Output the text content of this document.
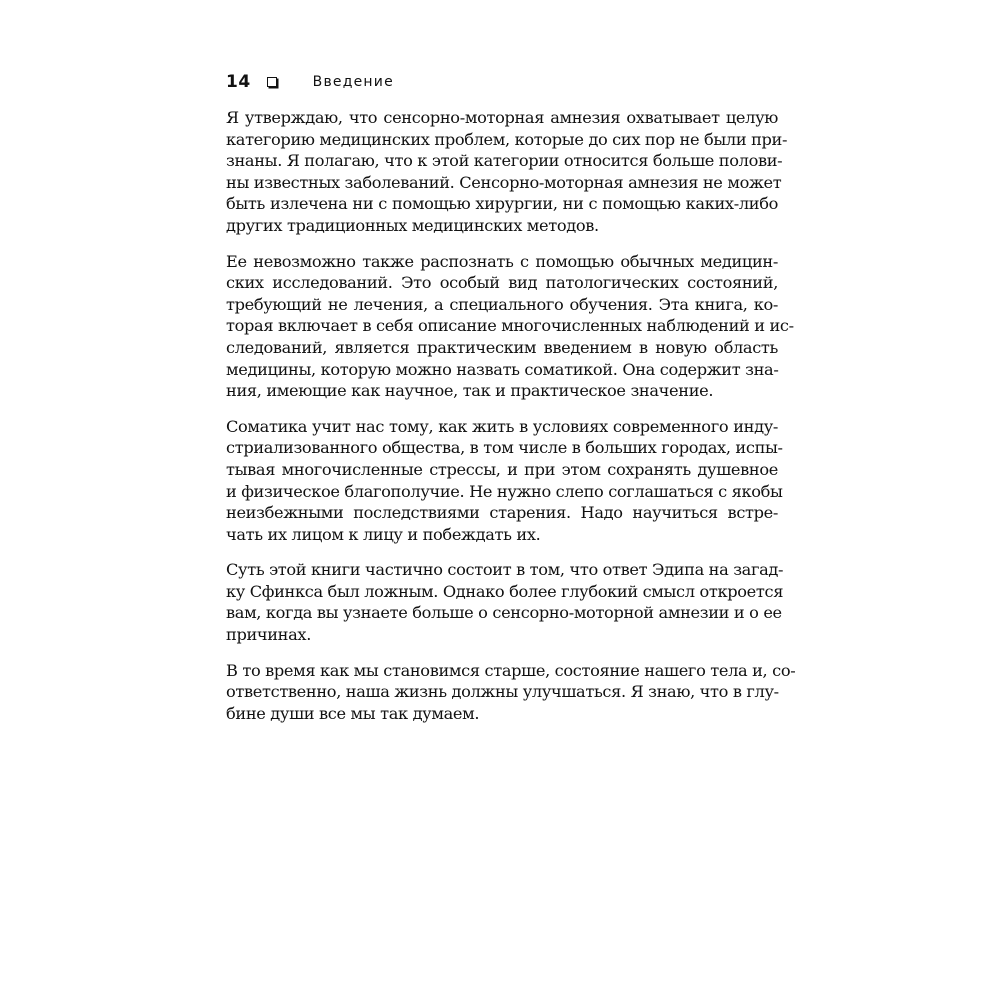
14	Введение
Я утверждаю, что сенсорно-моторная амнезия охватывает целую
категорию медицинских проблем, которые до сих пор не были при-
знаны. Я полагаю, что к этой категории относится больше полови-
ны известных заболеваний. Сенсорно-моторная амнезия не может
быть излечена ни с помощью хирургии, ни с помощью каких-либо
других традиционных медицинских методов.
Ее невозможно также распознать с помощью обычных медицин-
ских исследований. Это особый вид патологических состояний,
требующий не лечения, а специального обучения. Эта книга, ко-
торая включает в себя описание многочисленных наблюдений и ис-
следований, является практическим введением в новую область
медицины, которую можно назвать соматикой. Она содержит зна-
ния, имеющие как научное, так и практическое значение.
Соматика учит нас тому, как жить в условиях современного инду-
стриализованного общества, в том числе в больших городах, испы-
тывая многочисленные стрессы, и при этом сохранять душевное
и физическое благополучие. Не нужно слепо соглашаться с якобы
неизбежными последствиями старения. Надо научиться встре-
чать их лицом к лицу и побеждать их.
Суть этой книги частично состоит в том, что ответ Эдипа на загад-
ку Сфинкса был ложным. Однако более глубокий смысл откроется
вам, когда вы узнаете больше о сенсорно-моторной амнезии и о ее
причинах.
В то время как мы становимся старше, состояние нашего тела и, со-
ответственно, наша жизнь должны улучшаться. Я знаю, что в глу-
бине души все мы так думаем.
